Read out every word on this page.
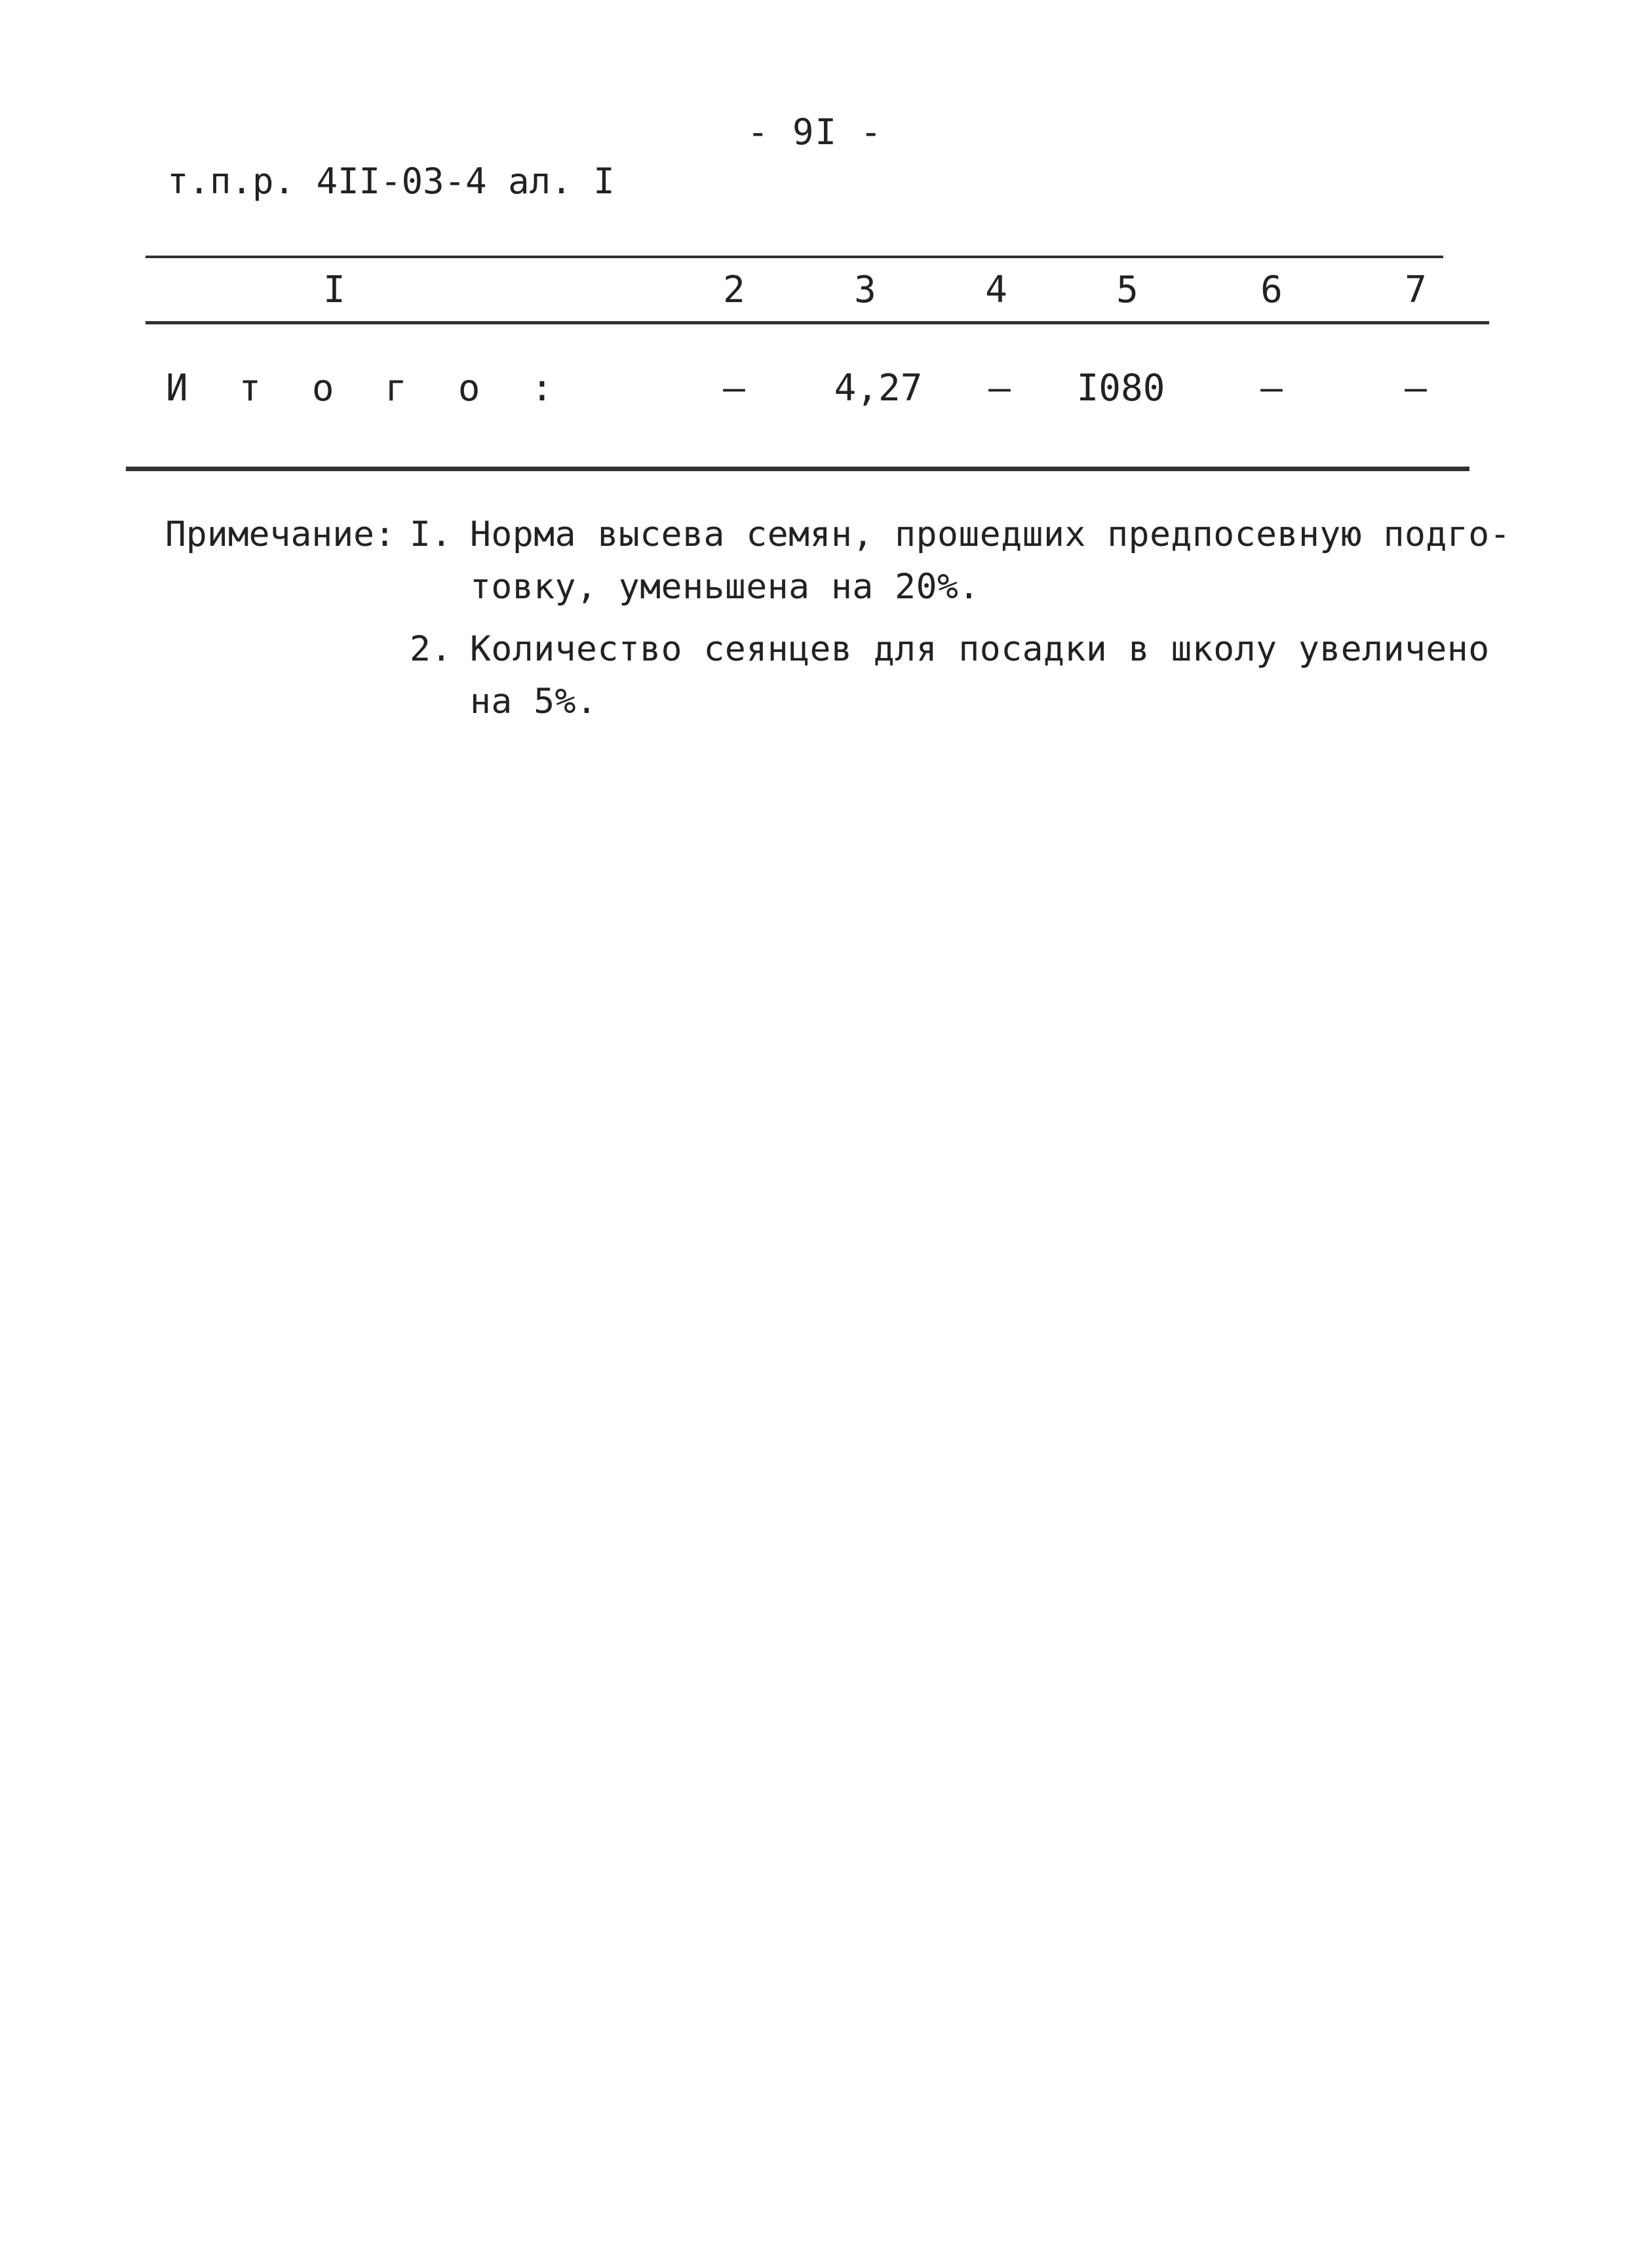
- 9I -
т.п.р. 4II-03-4 ал. I
I	2	3	4	5	6	7
И т о г о :	–	4,27	–	I080	–	–
Примечание: I. Норма высева семян, прошедших предпосевную подго-
товку, уменьшена на 20%.
2. Количество сеянцев для посадки в школу увеличено
на 5%.
